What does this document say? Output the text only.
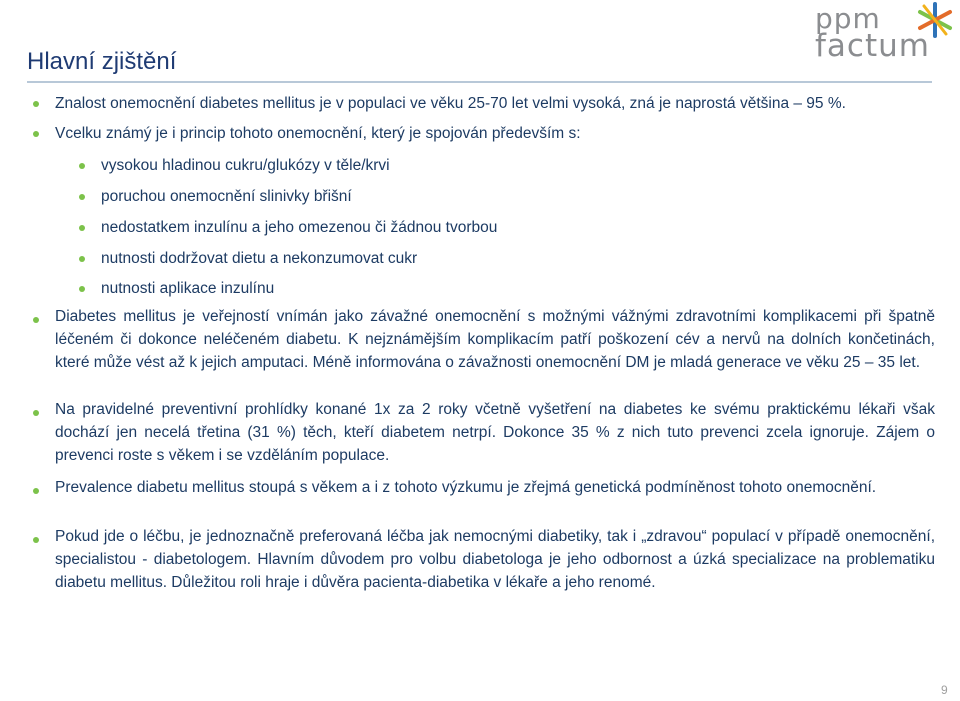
Hlavní zjištění
ppm
factum
Znalost onemocnění diabetes mellitus je v populaci ve věku 25-70 let velmi vysoká, zná je naprostá většina – 95 %.
Vcelku známý je i princip tohoto onemocnění, který je spojován především s:
vysokou hladinou cukru/glukózy v těle/krvi
poruchou onemocnění slinivky břišní
nedostatkem inzulínu a jeho omezenou či žádnou tvorbou
nutnosti dodržovat dietu a nekonzumovat cukr
nutnosti aplikace inzulínu
Diabetes mellitus je veřejností vnímán jako závažné onemocnění s možnými vážnými zdravotními komplikacemi při špatně léčeném či dokonce neléčeném diabetu. K nejznámějším komplikacím patří poškození cév a nervů na dolních končetinách, které může vést až k jejich amputaci. Méně informována o závažnosti onemocnění DM je mladá generace ve věku 25 – 35 let.
Na pravidelné preventivní prohlídky konané 1x za 2 roky včetně vyšetření na diabetes ke svému praktickému lékaři však dochází jen necelá třetina (31 %) těch, kteří diabetem netrpí. Dokonce 35 % z nich tuto prevenci zcela ignoruje. Zájem o prevenci roste s věkem i se vzděláním populace.
Prevalence diabetu mellitus stoupá s věkem a i z tohoto výzkumu je zřejmá genetická podmíněnost tohoto onemocnění.
Pokud jde o léčbu, je jednoznačně preferovaná léčba jak nemocnými diabetiky, tak i „zdravou“ populací v případě onemocnění, specialistou - diabetologem. Hlavním důvodem pro volbu diabetologa je jeho odbornost a úzká specializace na problematiku diabetu mellitus. Důležitou roli hraje i důvěra pacienta-diabetika v lékaře a jeho renomé.
9
